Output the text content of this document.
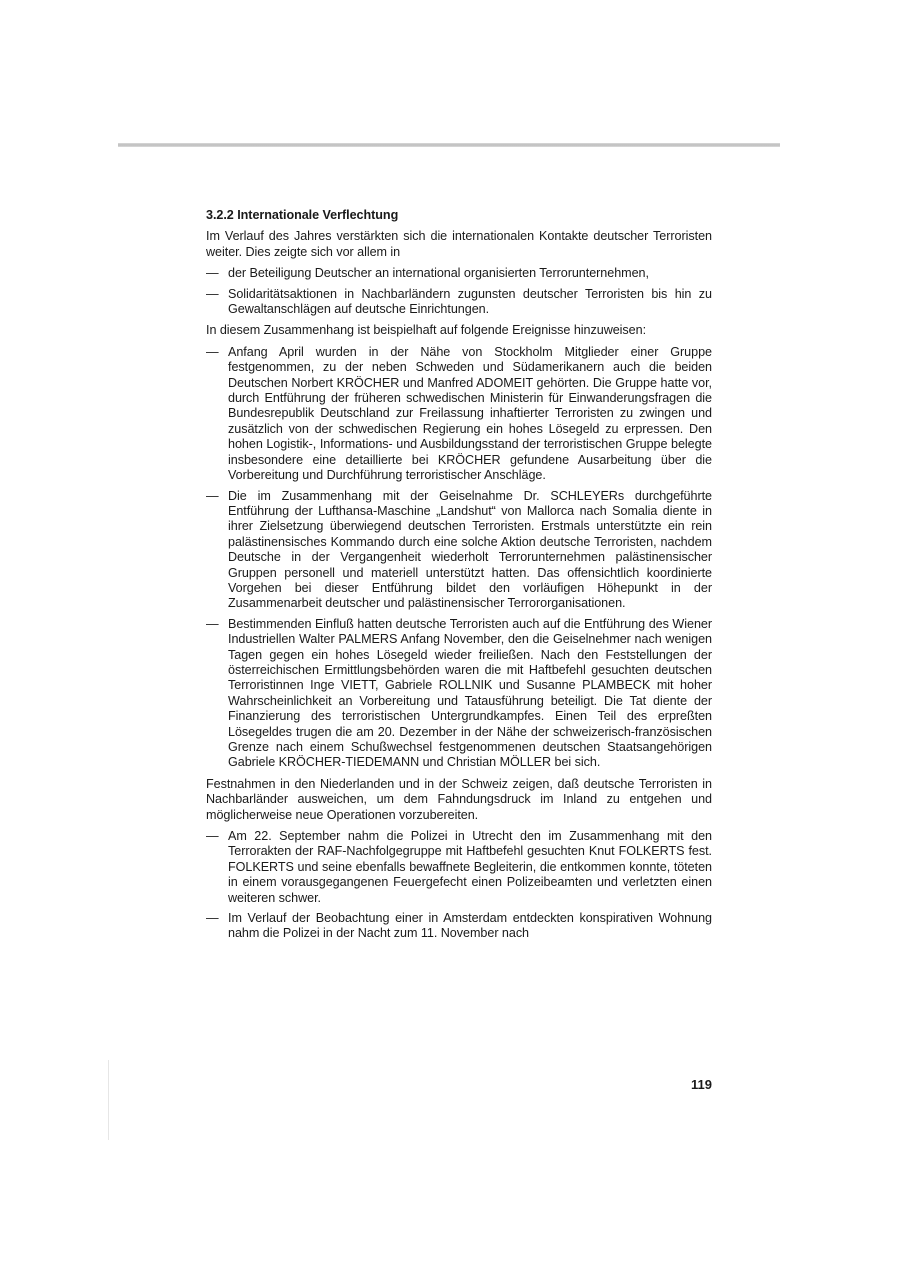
3.2.2 Internationale Verflechtung
Im Verlauf des Jahres verstärkten sich die internationalen Kontakte deutscher Terroristen weiter. Dies zeigte sich vor allem in
— der Beteiligung Deutscher an international organisierten Terrorunternehmen,
— Solidaritätsaktionen in Nachbarländern zugunsten deutscher Terroristen bis hin zu Gewaltanschlägen auf deutsche Einrichtungen.
In diesem Zusammenhang ist beispielhaft auf folgende Ereignisse hinzuweisen:
— Anfang April wurden in der Nähe von Stockholm Mitglieder einer Gruppe festgenommen, zu der neben Schweden und Südamerikanern auch die beiden Deutschen Norbert KRÖCHER und Manfred ADOMEIT gehörten. Die Gruppe hatte vor, durch Entführung der früheren schwedischen Ministerin für Einwanderungsfragen die Bundesrepublik Deutschland zur Freilassung inhaftierter Terroristen zu zwingen und zusätzlich von der schwedischen Regierung ein hohes Lösegeld zu erpressen. Den hohen Logistik-, Informations- und Ausbildungsstand der terroristischen Gruppe belegte insbesondere eine detaillierte bei KRÖCHER gefundene Ausarbeitung über die Vorbereitung und Durchführung terroristischer Anschläge.
— Die im Zusammenhang mit der Geiselnahme Dr. SCHLEYERs durchgeführte Entführung der Lufthansa-Maschine „Landshut“ von Mallorca nach Somalia diente in ihrer Zielsetzung überwiegend deutschen Terroristen. Erstmals unterstützte ein rein palästinensisches Kommando durch eine solche Aktion deutsche Terroristen, nachdem Deutsche in der Vergangenheit wiederholt Terrorunternehmen palästinensischer Gruppen personell und materiell unterstützt hatten. Das offensichtlich koordinierte Vorgehen bei dieser Entführung bildet den vorläufigen Höhepunkt in der Zusammenarbeit deutscher und palästinensischer Terrororganisationen.
— Bestimmenden Einfluß hatten deutsche Terroristen auch auf die Entführung des Wiener Industriellen Walter PALMERS Anfang November, den die Geiselnehmer nach wenigen Tagen gegen ein hohes Lösegeld wieder freiließen. Nach den Feststellungen der österreichischen Ermittlungsbehörden waren die mit Haftbefehl gesuchten deutschen Terroristinnen Inge VIETT, Gabriele ROLLNIK und Susanne PLAMBECK mit hoher Wahrscheinlichkeit an Vorbereitung und Tatausführung beteiligt. Die Tat diente der Finanzierung des terroristischen Untergrundkampfes. Einen Teil des erpreßten Lösegeldes trugen die am 20. Dezember in der Nähe der schweizerisch-französischen Grenze nach einem Schußwechsel festgenommenen deutschen Staatsangehörigen Gabriele KRÖCHER-TIEDEMANN und Christian MÖLLER bei sich.
Festnahmen in den Niederlanden und in der Schweiz zeigen, daß deutsche Terroristen in Nachbarländer ausweichen, um dem Fahndungsdruck im Inland zu entgehen und möglicherweise neue Operationen vorzubereiten.
— Am 22. September nahm die Polizei in Utrecht den im Zusammenhang mit den Terrorakten der RAF-Nachfolgegruppe mit Haftbefehl gesuchten Knut FOLKERTS fest. FOLKERTS und seine ebenfalls bewaffnete Begleiterin, die entkommen konnte, töteten in einem vorausgegangenen Feuergefecht einen Polizeibeamten und verletzten einen weiteren schwer.
— Im Verlauf der Beobachtung einer in Amsterdam entdeckten konspirativen Wohnung nahm die Polizei in der Nacht zum 11. November nach
119
